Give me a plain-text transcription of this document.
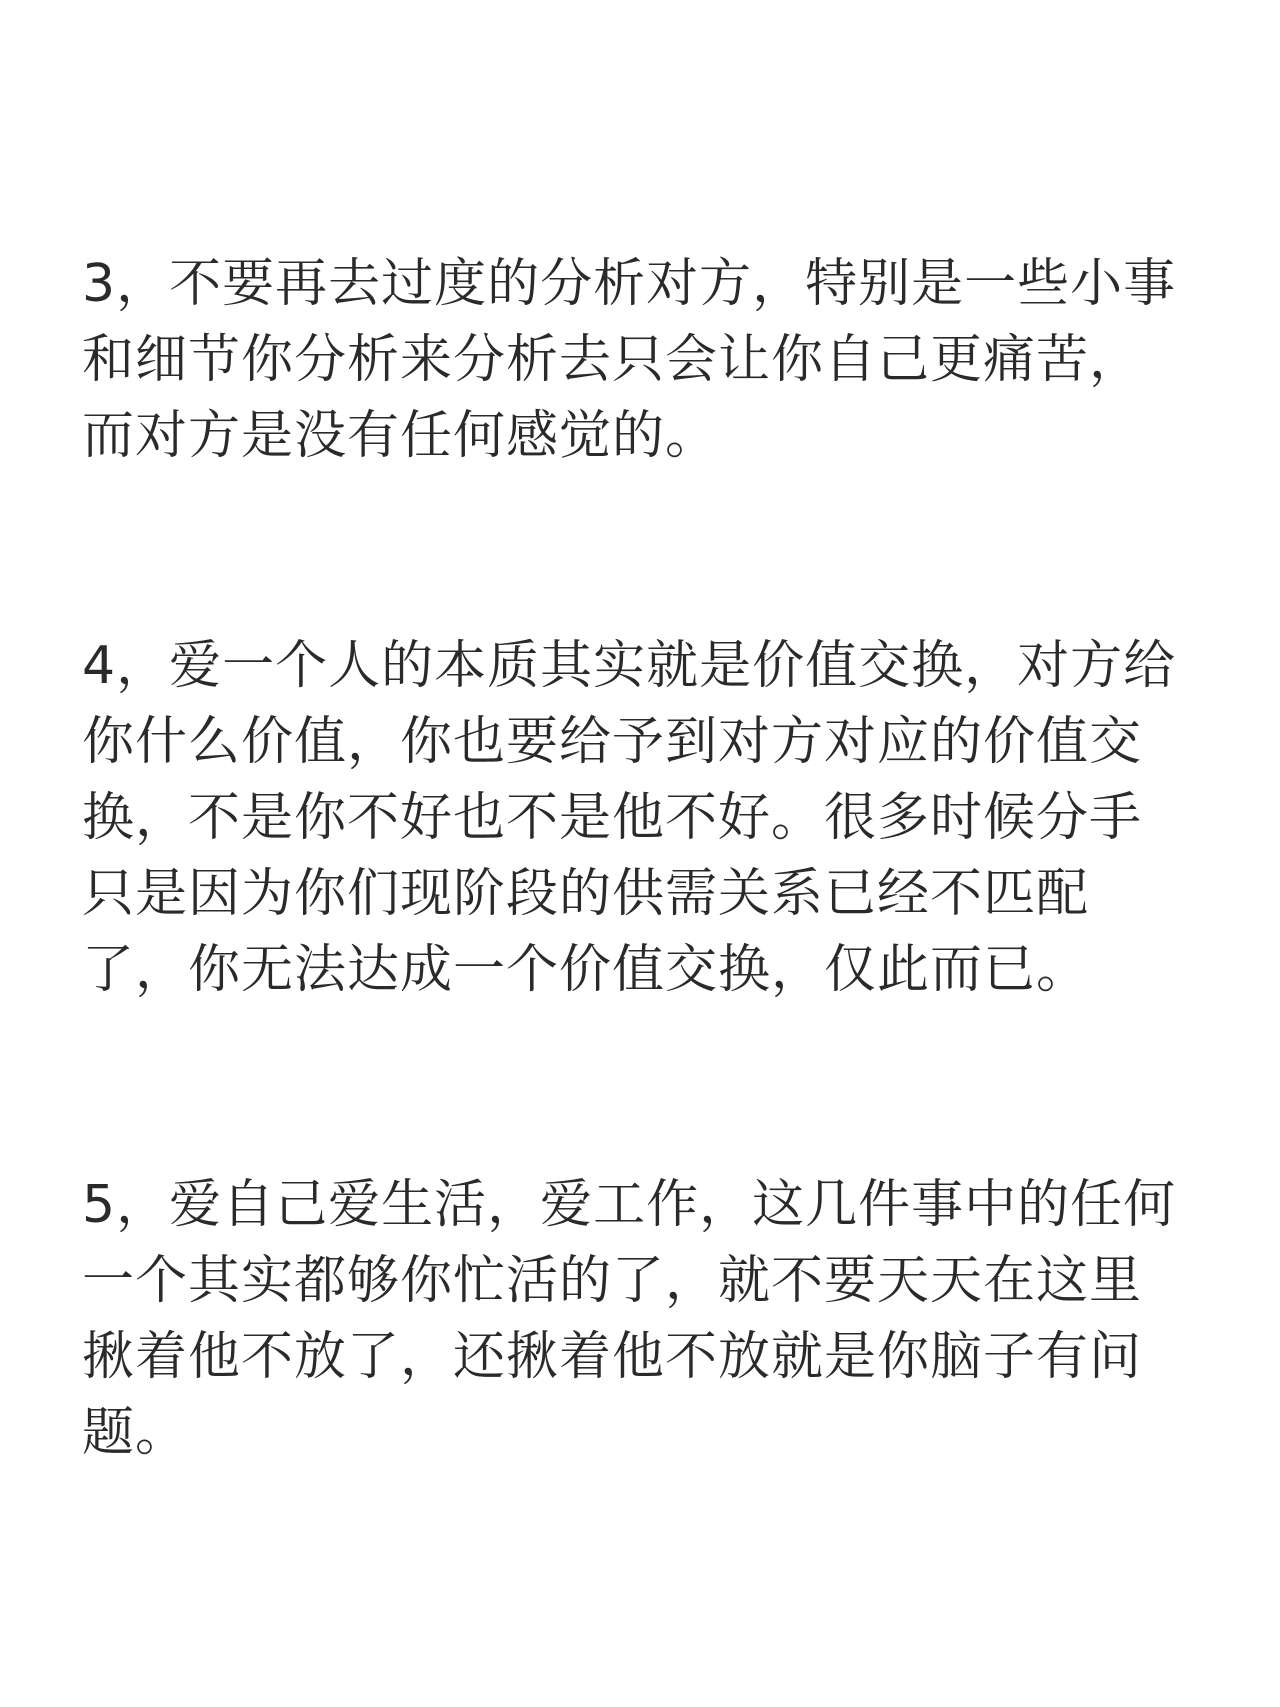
3，不要再去过度的分析对方，特别是一些小事
和细节你分析来分析去只会让你自己更痛苦，
而对方是没有任何感觉的。
4，爱一个人的本质其实就是价值交换，对方给
你什么价值，你也要给予到对方对应的价值交
换，不是你不好也不是他不好。很多时候分手
只是因为你们现阶段的供需关系已经不匹配
了，你无法达成一个价值交换，仅此而已。
5，爱自己爱生活，爱工作，这几件事中的任何
一个其实都够你忙活的了，就不要天天在这里
揪着他不放了，还揪着他不放就是你脑子有问
题。
